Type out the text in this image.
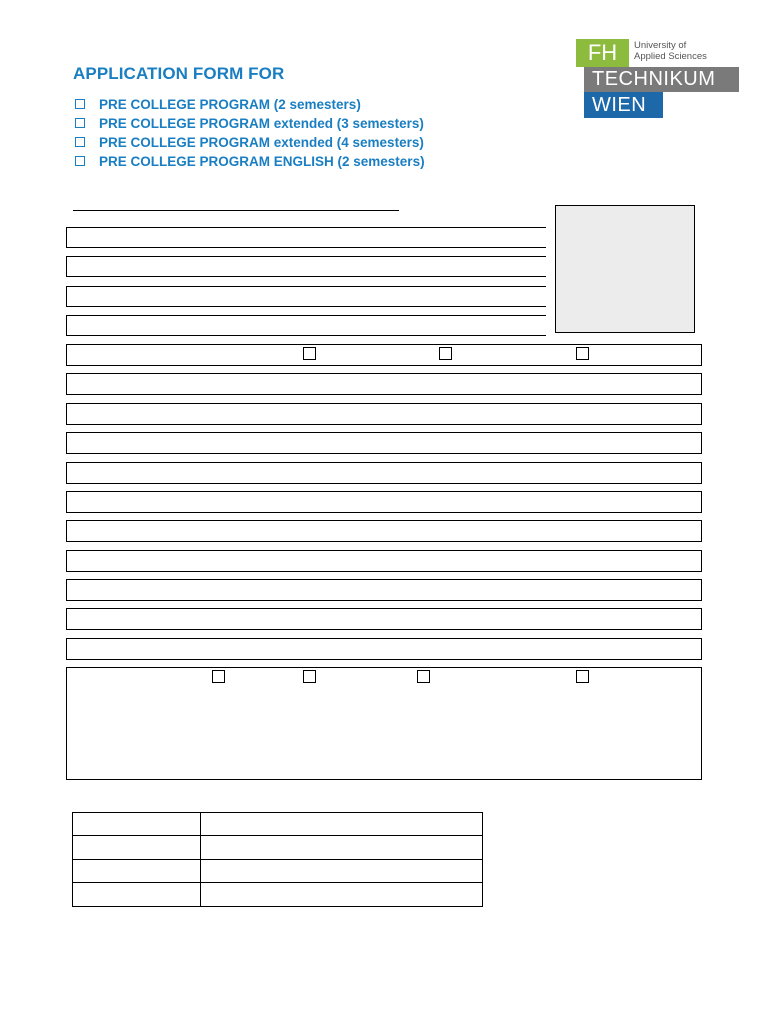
APPLICATION FORM FOR
PRE COLLEGE PROGRAM (2 semesters)
PRE COLLEGE PROGRAM extended (3 semesters)
PRE COLLEGE PROGRAM extended (4 semesters)
PRE COLLEGE PROGRAM ENGLISH (2 semesters)
FH	University of
Applied Sciences
TECHNIKUM
WIEN
